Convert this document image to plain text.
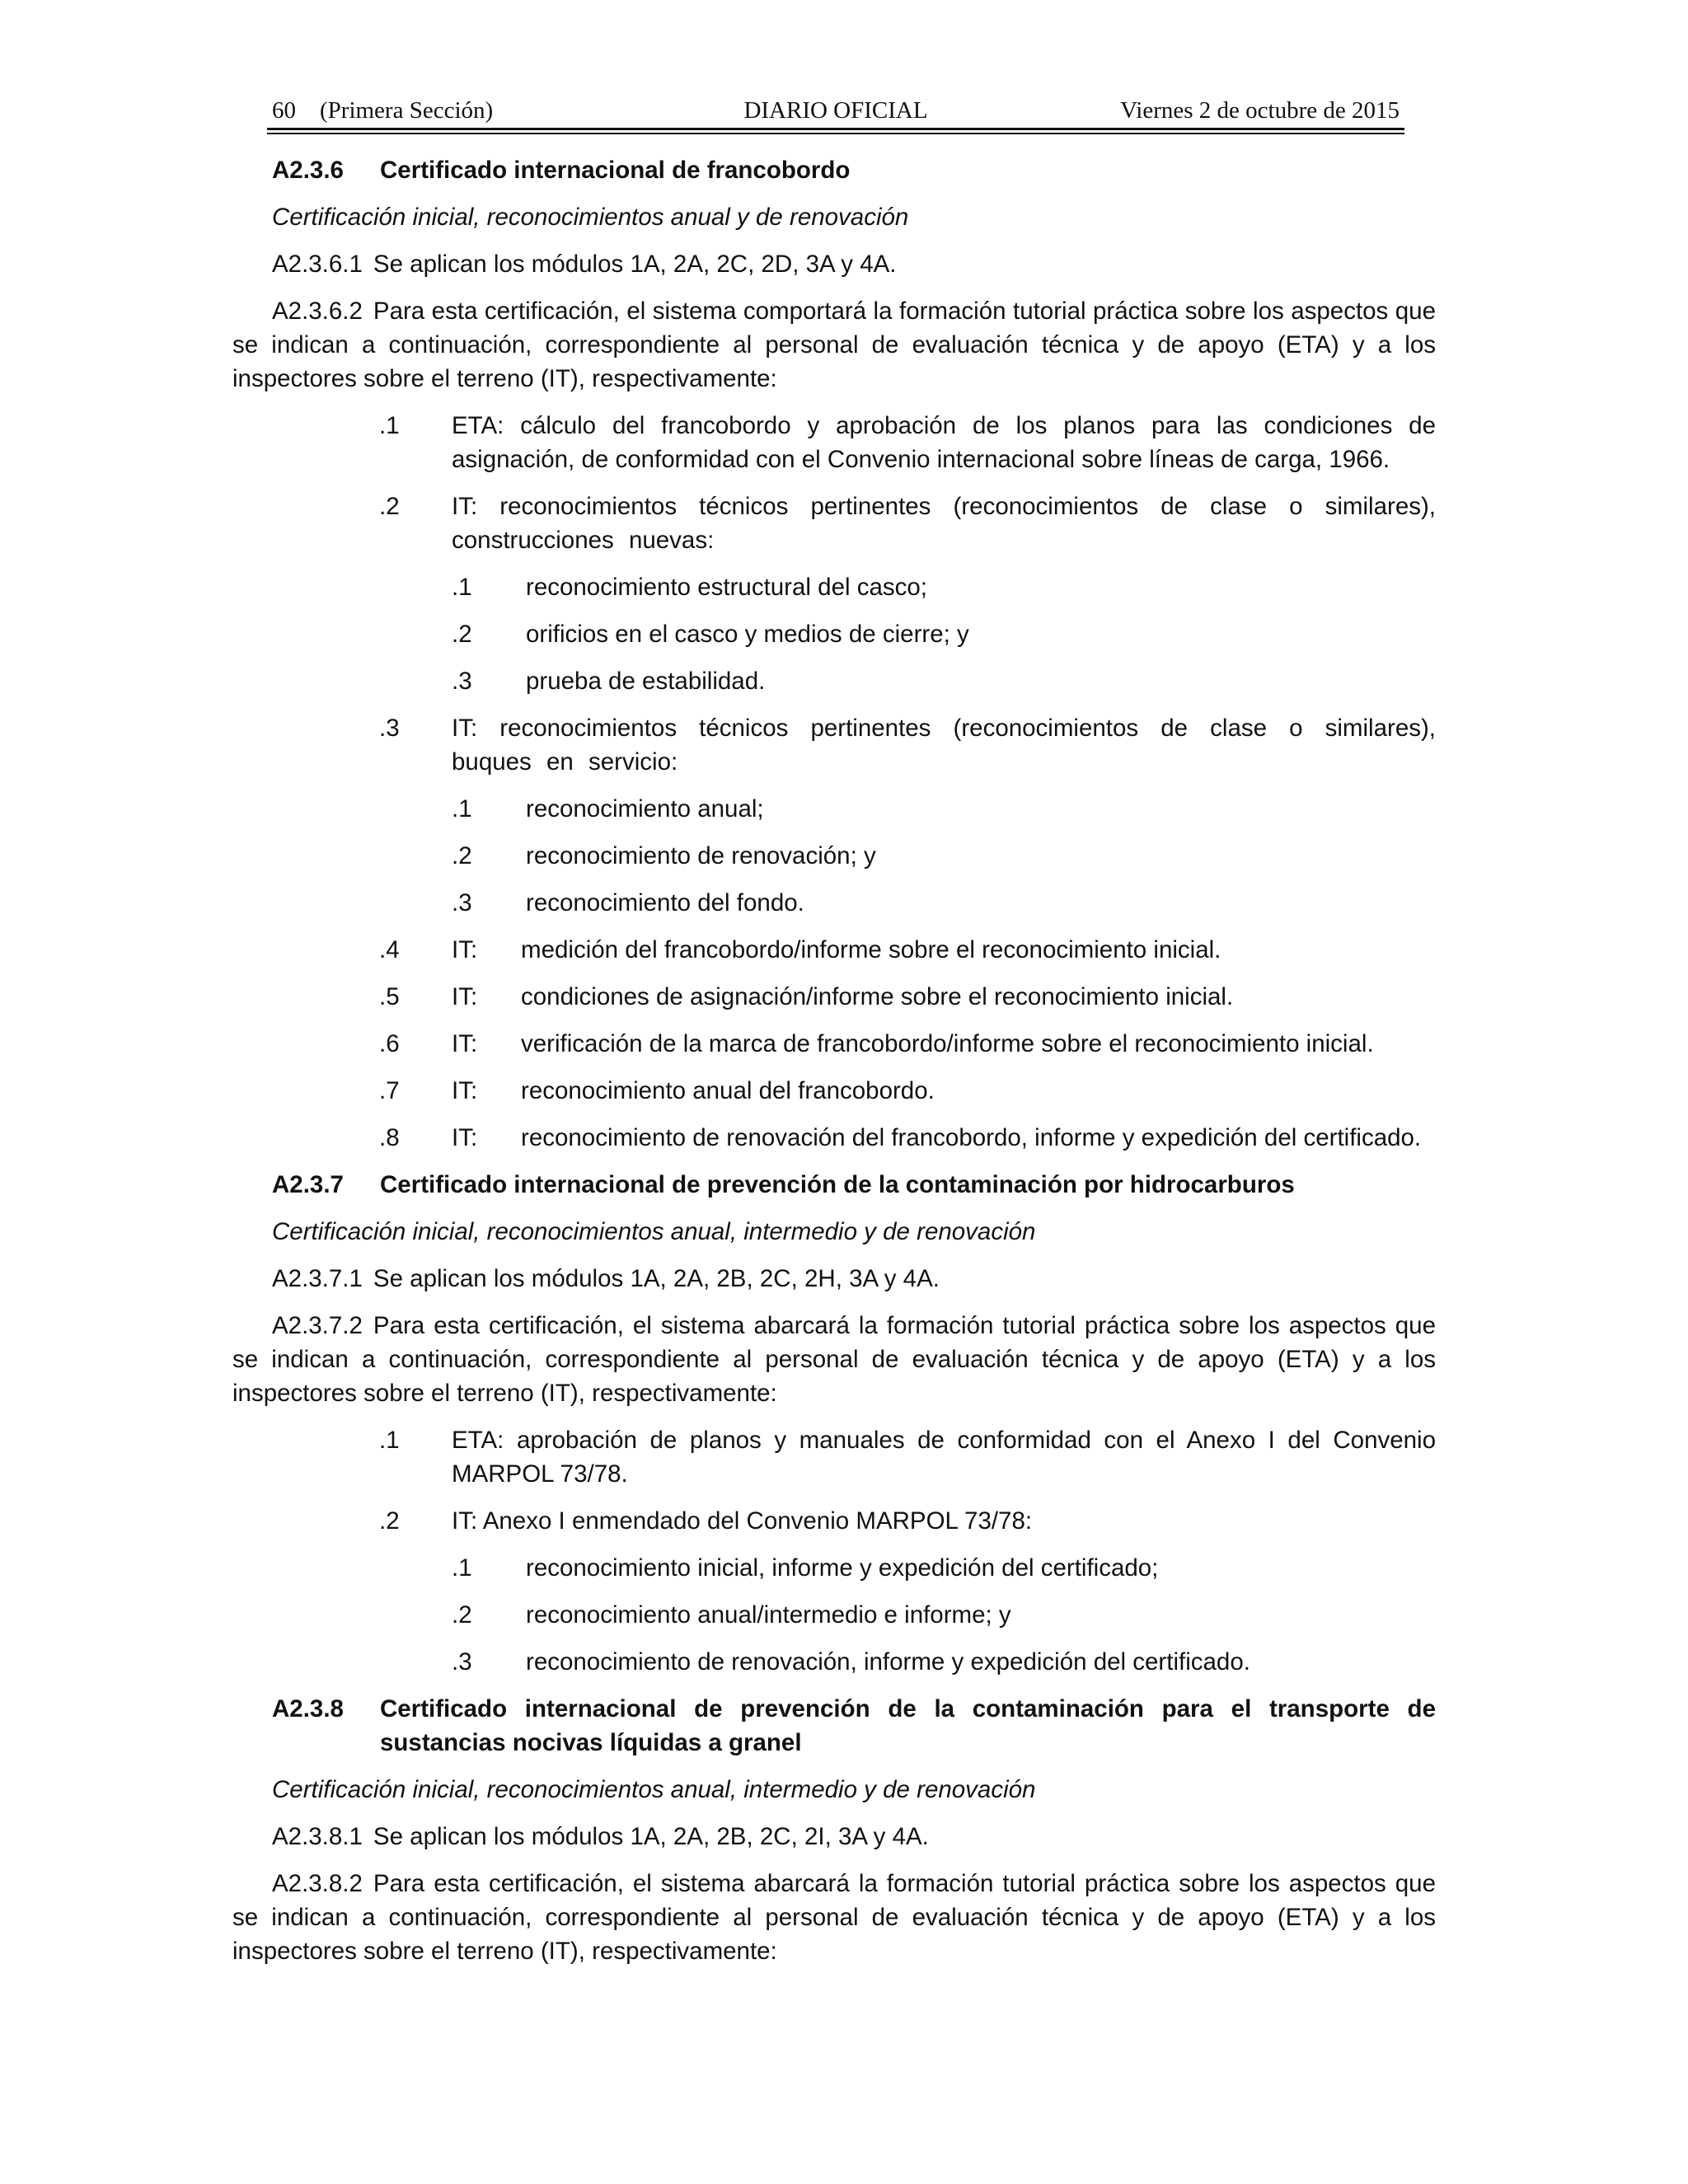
60    (Primera Sección)	DIARIO OFICIAL	Viernes 2 de octubre de 2015
A2.3.6	Certificado internacional de francobordo
Certificación inicial, reconocimientos anual y de renovación
A2.3.6.1 Se aplican los módulos 1A, 2A, 2C, 2D, 3A y 4A.
A2.3.6.2 Para esta certificación, el sistema comportará la formación tutorial práctica sobre los aspectos que se indican a continuación, correspondiente al personal de evaluación técnica y de apoyo (ETA) y a los inspectores sobre el terreno (IT), respectivamente:
.1	ETA: cálculo del francobordo y aprobación de los planos para las condiciones de asignación, de conformidad con el Convenio internacional sobre líneas de carga, 1966.
.2	IT: reconocimientos técnicos pertinentes (reconocimientos de clase o similares), construcciones nuevas:
.1	reconocimiento estructural del casco;
.2	orificios en el casco y medios de cierre; y
.3	prueba de estabilidad.
.3	IT: reconocimientos técnicos pertinentes (reconocimientos de clase o similares), buques en servicio:
.1	reconocimiento anual;
.2	reconocimiento de renovación; y
.3	reconocimiento del fondo.
.4	IT: medición del francobordo/informe sobre el reconocimiento inicial.
.5	IT: condiciones de asignación/informe sobre el reconocimiento inicial.
.6	IT: verificación de la marca de francobordo/informe sobre el reconocimiento inicial.
.7	IT: reconocimiento anual del francobordo.
.8	IT: reconocimiento de renovación del francobordo, informe y expedición del certificado.
A2.3.7	Certificado internacional de prevención de la contaminación por hidrocarburos
Certificación inicial, reconocimientos anual, intermedio y de renovación
A2.3.7.1 Se aplican los módulos 1A, 2A, 2B, 2C, 2H, 3A y 4A.
A2.3.7.2 Para esta certificación, el sistema abarcará la formación tutorial práctica sobre los aspectos que se indican a continuación, correspondiente al personal de evaluación técnica y de apoyo (ETA) y a los inspectores sobre el terreno (IT), respectivamente:
.1	ETA: aprobación de planos y manuales de conformidad con el Anexo I del Convenio MARPOL 73/78.
.2	IT: Anexo I enmendado del Convenio MARPOL 73/78:
.1	reconocimiento inicial, informe y expedición del certificado;
.2	reconocimiento anual/intermedio e informe; y
.3	reconocimiento de renovación, informe y expedición del certificado.
A2.3.8	Certificado internacional de prevención de la contaminación para el transporte de sustancias nocivas líquidas a granel
Certificación inicial, reconocimientos anual, intermedio y de renovación
A2.3.8.1 Se aplican los módulos 1A, 2A, 2B, 2C, 2I, 3A y 4A.
A2.3.8.2 Para esta certificación, el sistema abarcará la formación tutorial práctica sobre los aspectos que se indican a continuación, correspondiente al personal de evaluación técnica y de apoyo (ETA) y a los inspectores sobre el terreno (IT), respectivamente:
